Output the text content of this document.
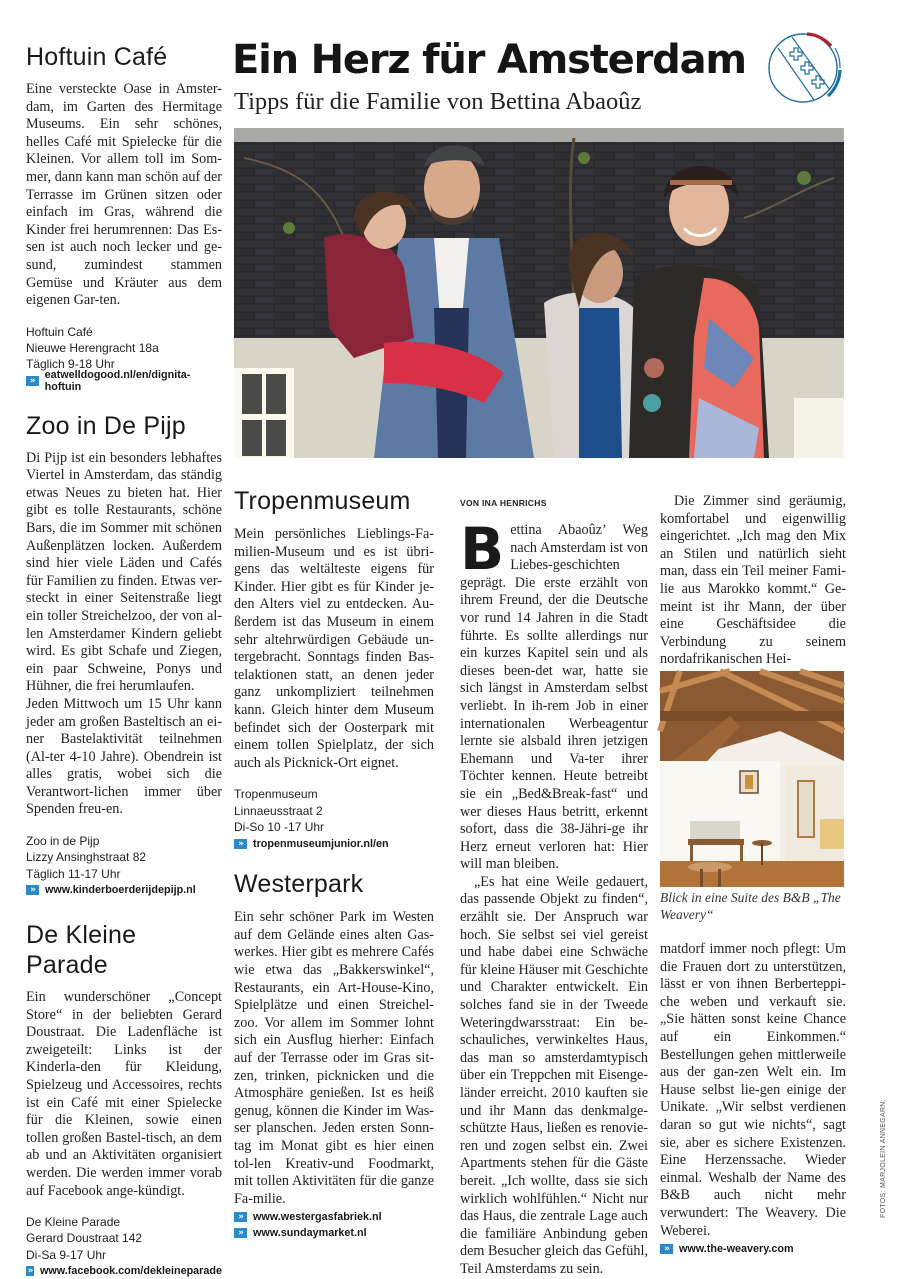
Ein Herz für Amsterdam
Tipps für die Familie von Bettina Abaoûz
Hoftuin Café

Eine versteckte Oase in Amster-dam, im Garten des Hermitage Museums. Ein sehr schönes, helles Café mit Spielecke für die Kleinen. Vor allem toll im Som-mer, dann kann man schön auf der Terrasse im Grünen sitzen oder einfach im Gras, während die Kinder frei herumrennen: Das Es-sen ist auch noch lecker und ge-sund, zumindest stammen Gemüse und Kräuter aus dem eigenen Gar-ten.

Hoftuin Café
Nieuwe Herengracht 18a
Täglich 9-18 Uhr
» eatwelldogood.nl/en/dignita-hoftuin
Zoo in De Pijp

Di Pijp ist ein besonders lebhaftes Viertel in Amsterdam, das ständig etwas Neues zu bieten hat. Hier gibt es tolle Restaurants, schöne Bars, die im Sommer mit schönen Außenplätzen locken. Außerdem sind hier viele Läden und Cafés für Familien zu finden. Etwas ver-steckt in einer Seitenstraße liegt ein toller Streichelzoo, der von al-len Amsterdamer Kindern geliebt wird. Es gibt Schafe und Ziegen, ein paar Schweine, Ponys und Hühner, die frei herumlaufen.

Jeden Mittwoch um 15 Uhr kann jeder am großen Basteltisch an ei-ner Bastelaktivität teilnehmen (Al-ter 4-10 Jahre). Obendrein ist alles gratis, wobei sich die Verantwort-lichen immer über Spenden freu-en.

Zoo in de Pijp
Lizzy Ansinghstraat 82
Täglich 11-17 Uhr
» www.kinderboerderijdepijp.nl
De Kleine Parade

Ein wunderschöner „Concept Store“ in der beliebten Gerard Doustraat. Die Ladenfläche ist zweigeteilt: Links ist der Kinderla-den für Kleidung, Spielzeug und Accessoires, rechts ist ein Café mit einer Spielecke für die Kleinen, sowie einen tollen großen Bastel-tisch, an dem ab und an Aktivitäten organisiert werden. Die werden immer vorab auf Facebook ange-kündigt.

De Kleine Parade
Gerard Doustraat 142
Di-Sa 9-17 Uhr
» www.facebook.com/dekleineparade
Tropenmuseum

Mein persönliches Lieblings-Fa-milien-Museum und es ist übri-gens das weltälteste eigens für Kinder. Hier gibt es für Kinder je-den Alters viel zu entdecken. Au-ßerdem ist das Museum in einem sehr altehrwürdigen Gebäude un-tergebracht. Sonntags finden Bas-telaktionen statt, an denen jeder ganz unkompliziert teilnehmen kann. Gleich hinter dem Museum befindet sich der Oosterpark mit einem tollen Spielplatz, der sich auch als Picknick-Ort eignet.

Tropenmuseum
Linnaeusstraat 2
Di-So 10 -17 Uhr
» tropenmuseumjunior.nl/en
Westerpark

Ein sehr schöner Park im Westen auf dem Gelände eines alten Gas-werkes. Hier gibt es mehrere Cafés wie etwa das „Bakkerswinkel“, Restaurants, ein Art-House-Kino, Spielplätze und einen Streichel-zoo. Vor allem im Sommer lohnt sich ein Ausflug hierher: Einfach auf der Terrasse oder im Gras sit-zen, trinken, picknicken und die Atmosphäre genießen. Ist es heiß genug, können die Kinder im Was-ser planschen. Jeden ersten Sonn-tag im Monat gibt es hier einen tol-len Kreativ-und Foodmarkt, mit tollen Aktivitäten für die ganze Fa-milie.

» www.westergasfabriek.nl
» www.sundaymarket.nl
VON INA HENRICHS

Bettina Abaoûz’ Weg nach Amsterdam ist von Liebes-geschichten geprägt. Die erste erzählt von ihrem Freund, der die Deutsche vor rund 14 Jahren in die Stadt führte. Es sollte allerdings nur ein kurzes Kapitel sein und als dieses been-det war, hatte sie sich längst in Amsterdam selbst verliebt. In ih-rem Job in einer internationalen Werbeagentur lernte sie alsbald ihren jetzigen Ehemann und Va-ter ihrer Töchter kennen. Heute betreibt sie ein „Bed&Break-fast“ und wer dieses Haus betritt, erkennt sofort, dass die 38-Jähri-ge ihr Herz erneut verloren hat: Hier will man bleiben.

„Es hat eine Weile gedauert, das passende Objekt zu finden“, erzählt sie. Der Anspruch war hoch. Sie selbst sei viel gereist und habe dabei eine Schwäche für kleine Häuser mit Geschichte und Charakter entwickelt. Ein solches fand sie in der Tweede Weteringdwarsstraat: Ein be-schauliches, verwinkeltes Haus, das man so amsterdamtypisch über ein Treppchen mit Eisenge-länder erreicht. 2010 kauften sie und ihr Mann das denkmalge-schützte Haus, ließen es renovie-ren und zogen selbst ein. Zwei Apartments stehen für die Gäste bereit. „Ich wollte, dass sie sich wirklich wohlfühlen.“ Nicht nur das Haus, die zentrale Lage auch die familiäre Anbindung geben dem Besucher gleich das Gefühl, Teil Amsterdams zu sein.

Die Zimmer sind geräumig, komfortabel und eigenwillig eingerichtet. „Ich mag den Mix an Stilen und natürlich sieht man, dass ein Teil meiner Fami-lie aus Marokko kommt.“ Ge-meint ist ihr Mann, der über eine Geschäftsidee die Verbindung zu seinem nordafrikanischen Hei-

Blick in eine Suite des B&B „The Weavery“

matdorf immer noch pflegt: Um die Frauen dort zu unterstützen, lässt er von ihnen Berberteppi-che weben und verkauft sie. „Sie hätten sonst keine Chance auf ein Einkommen.“ Bestellungen gehen mittlerweile aus der gan-zen Welt ein. Im Hause selbst lie-gen einige der Unikate. „Wir selbst verdienen daran so gut wie nichts“, sagt sie, aber es sichere Existenzen. Eine Herzenssache. Wieder einmal. Weshalb der Name des B&B auch nicht mehr verwundert: The Weavery. Die Weberei.

» www.the-weavery.com
FOTOS: MARJOLEIN ANNEGARN;
